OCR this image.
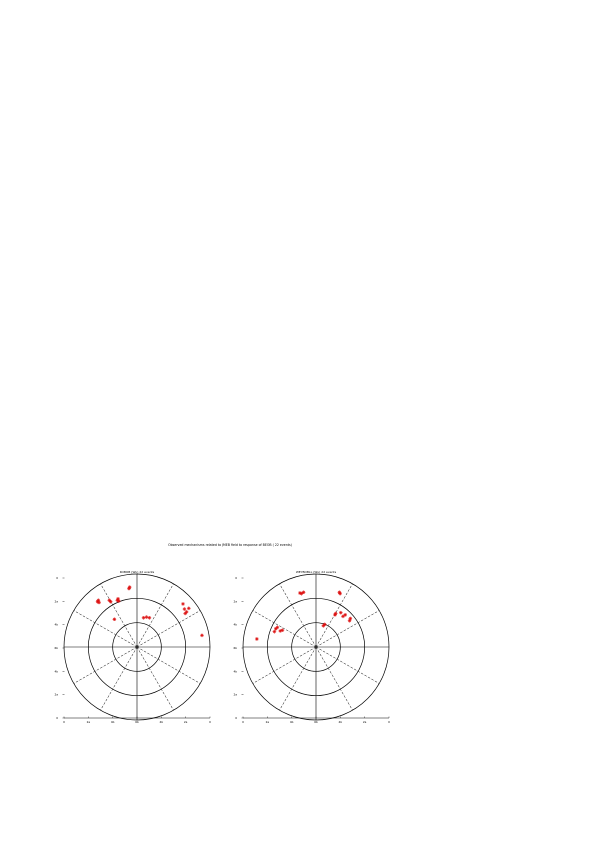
Observed mechanisms related to JMEB field to response of BEOB ( 22 events)
KOBOB (Wu) 22 events
0	2a	4b	6b	4b	2a	0
0
2a
4b
6b
4b
2a
0
WEYBOBLL (Wu) 22 events
0	2a	4b	6b	4b	2a	0
0
2a
4b
6b
4b
2a
0
